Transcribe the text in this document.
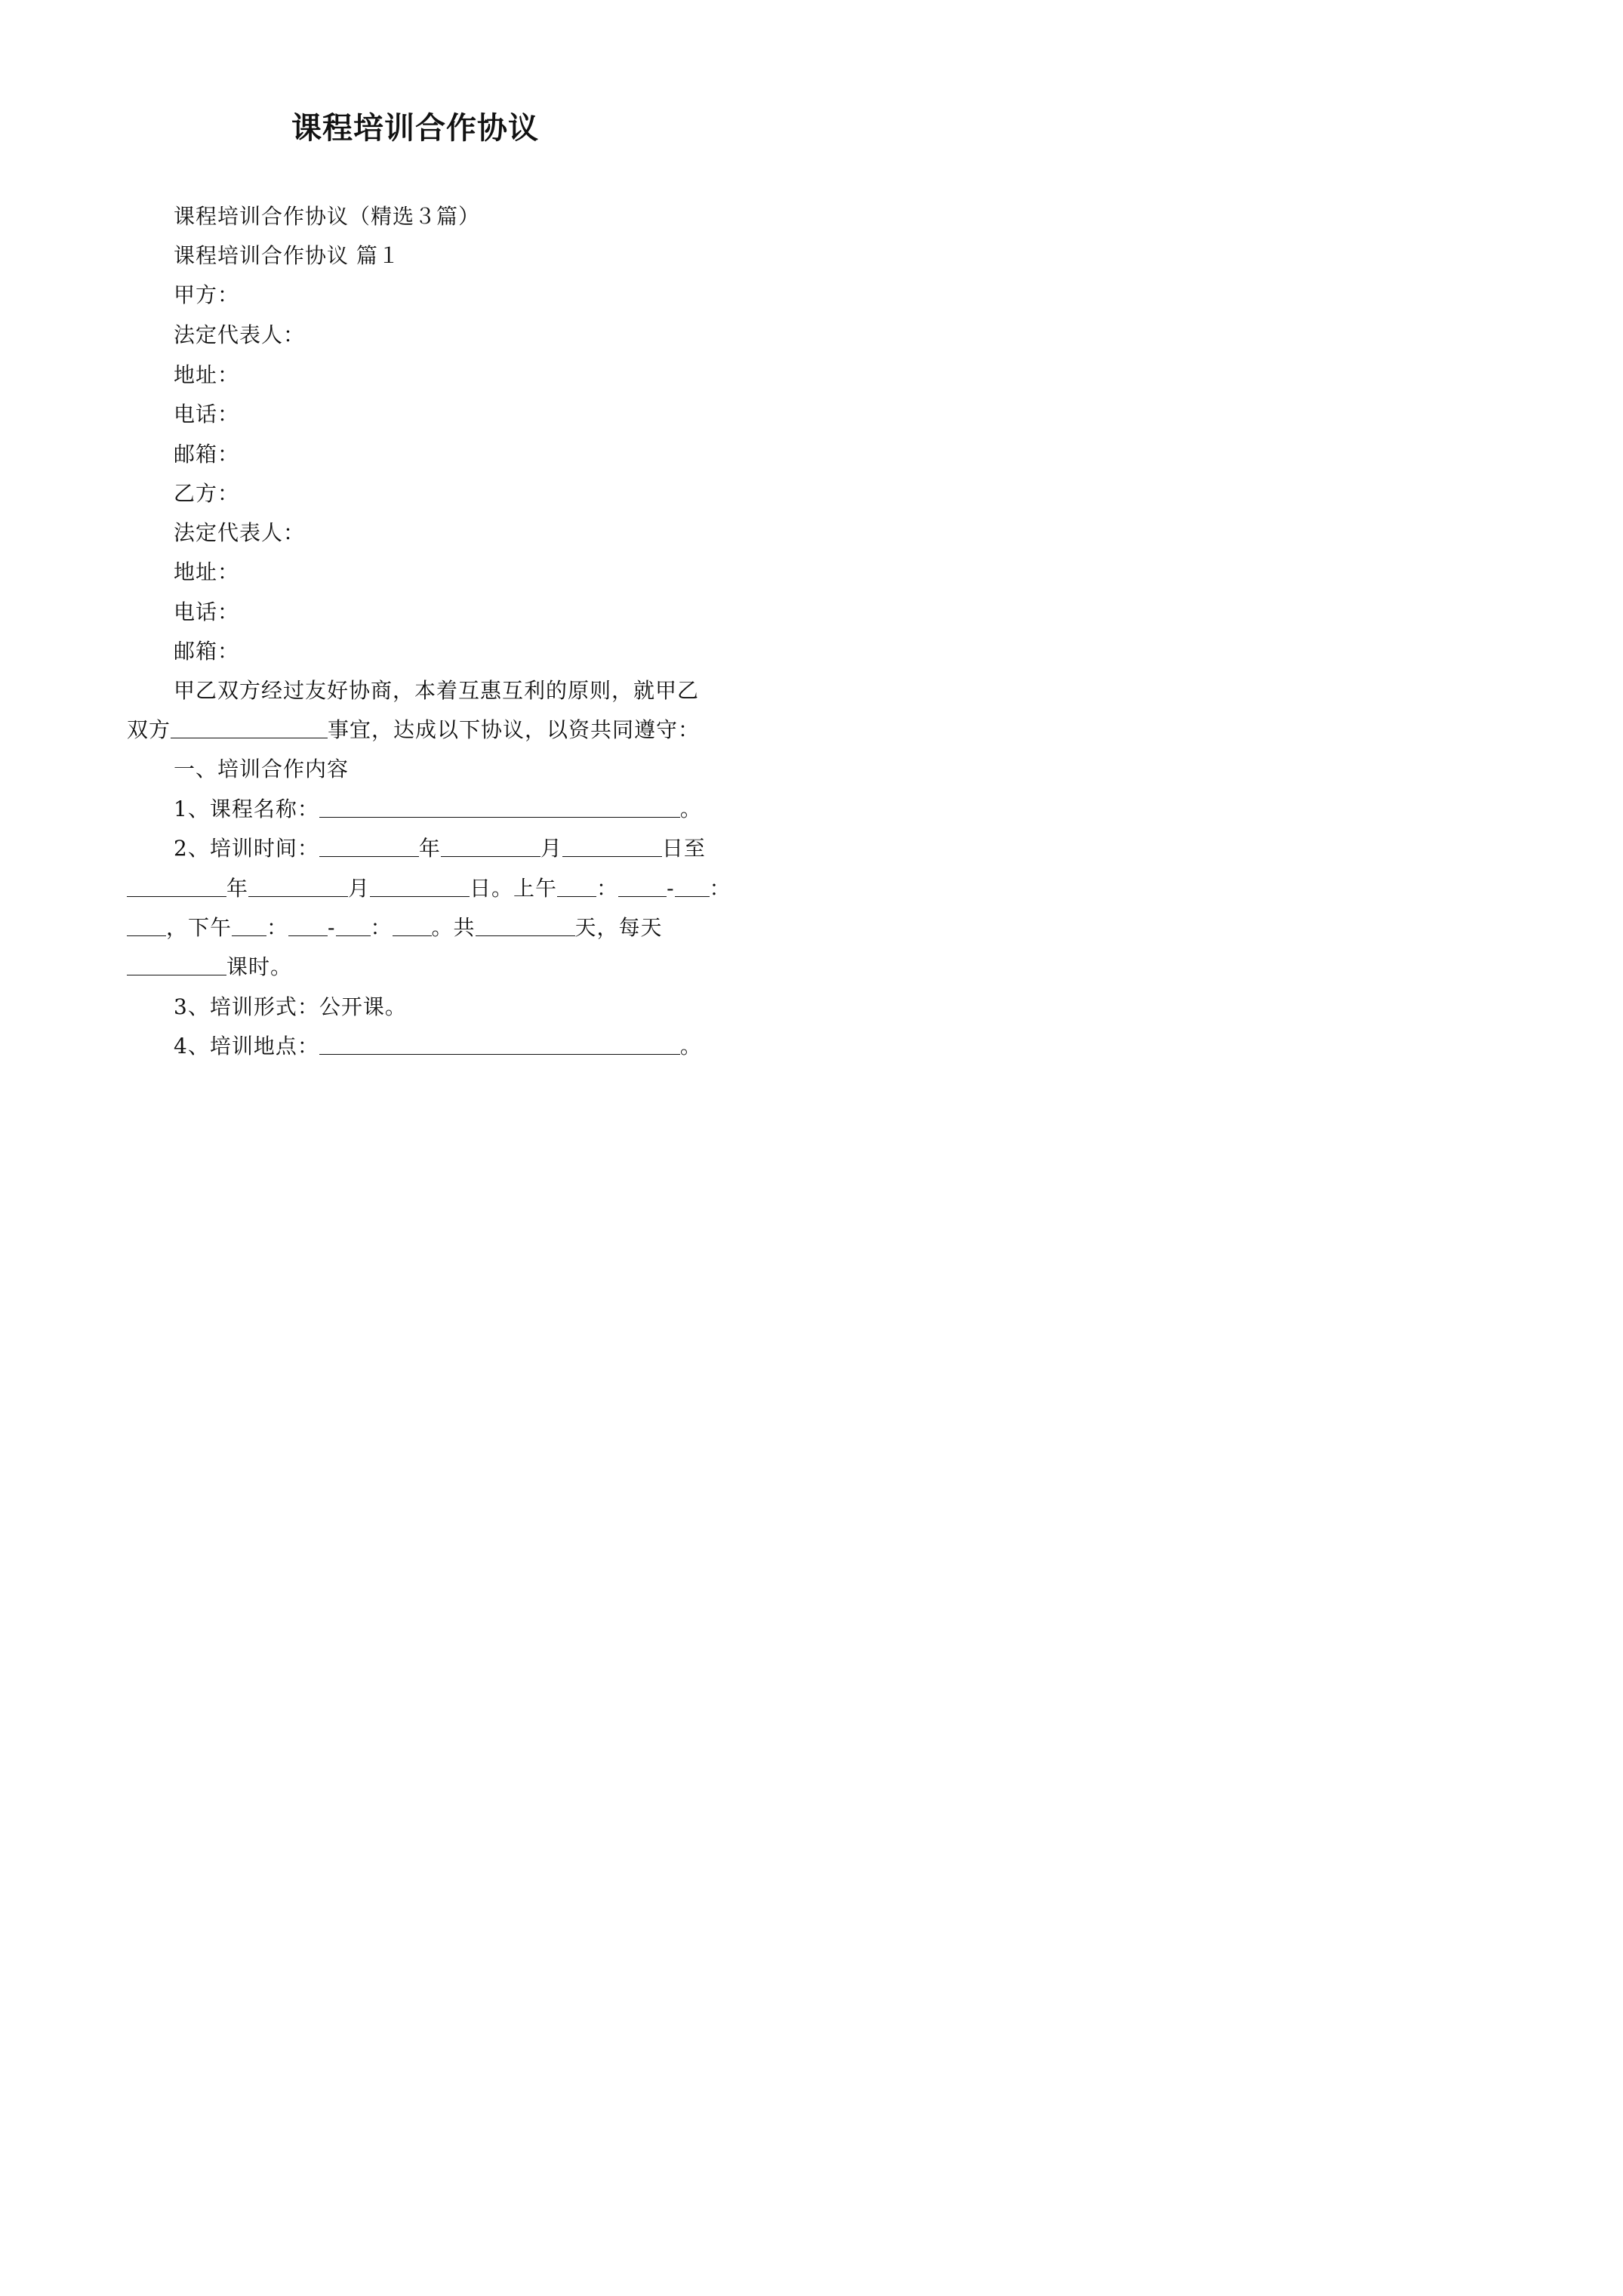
课程培训合作协议
课程培训合作协议（精选３篇）
课程培训合作协议 篇１
甲方：
法定代表人：
地址：
电话：
邮箱：
乙方：
法定代表人：
地址：
电话：
邮箱：
甲乙双方经过友好协商，本着互惠互利的原则，就甲乙
双方	事宜，达成以下协议，以资共同遵守：
一、培训合作内容
1、课程名称：	。
2、培训时间：	年	月	日至
年	月	日。上午 ： - ：
，下午 ： - ： 。共	天，每天
课时。
3、培训形式：公开课。
4、培训地点：	。
